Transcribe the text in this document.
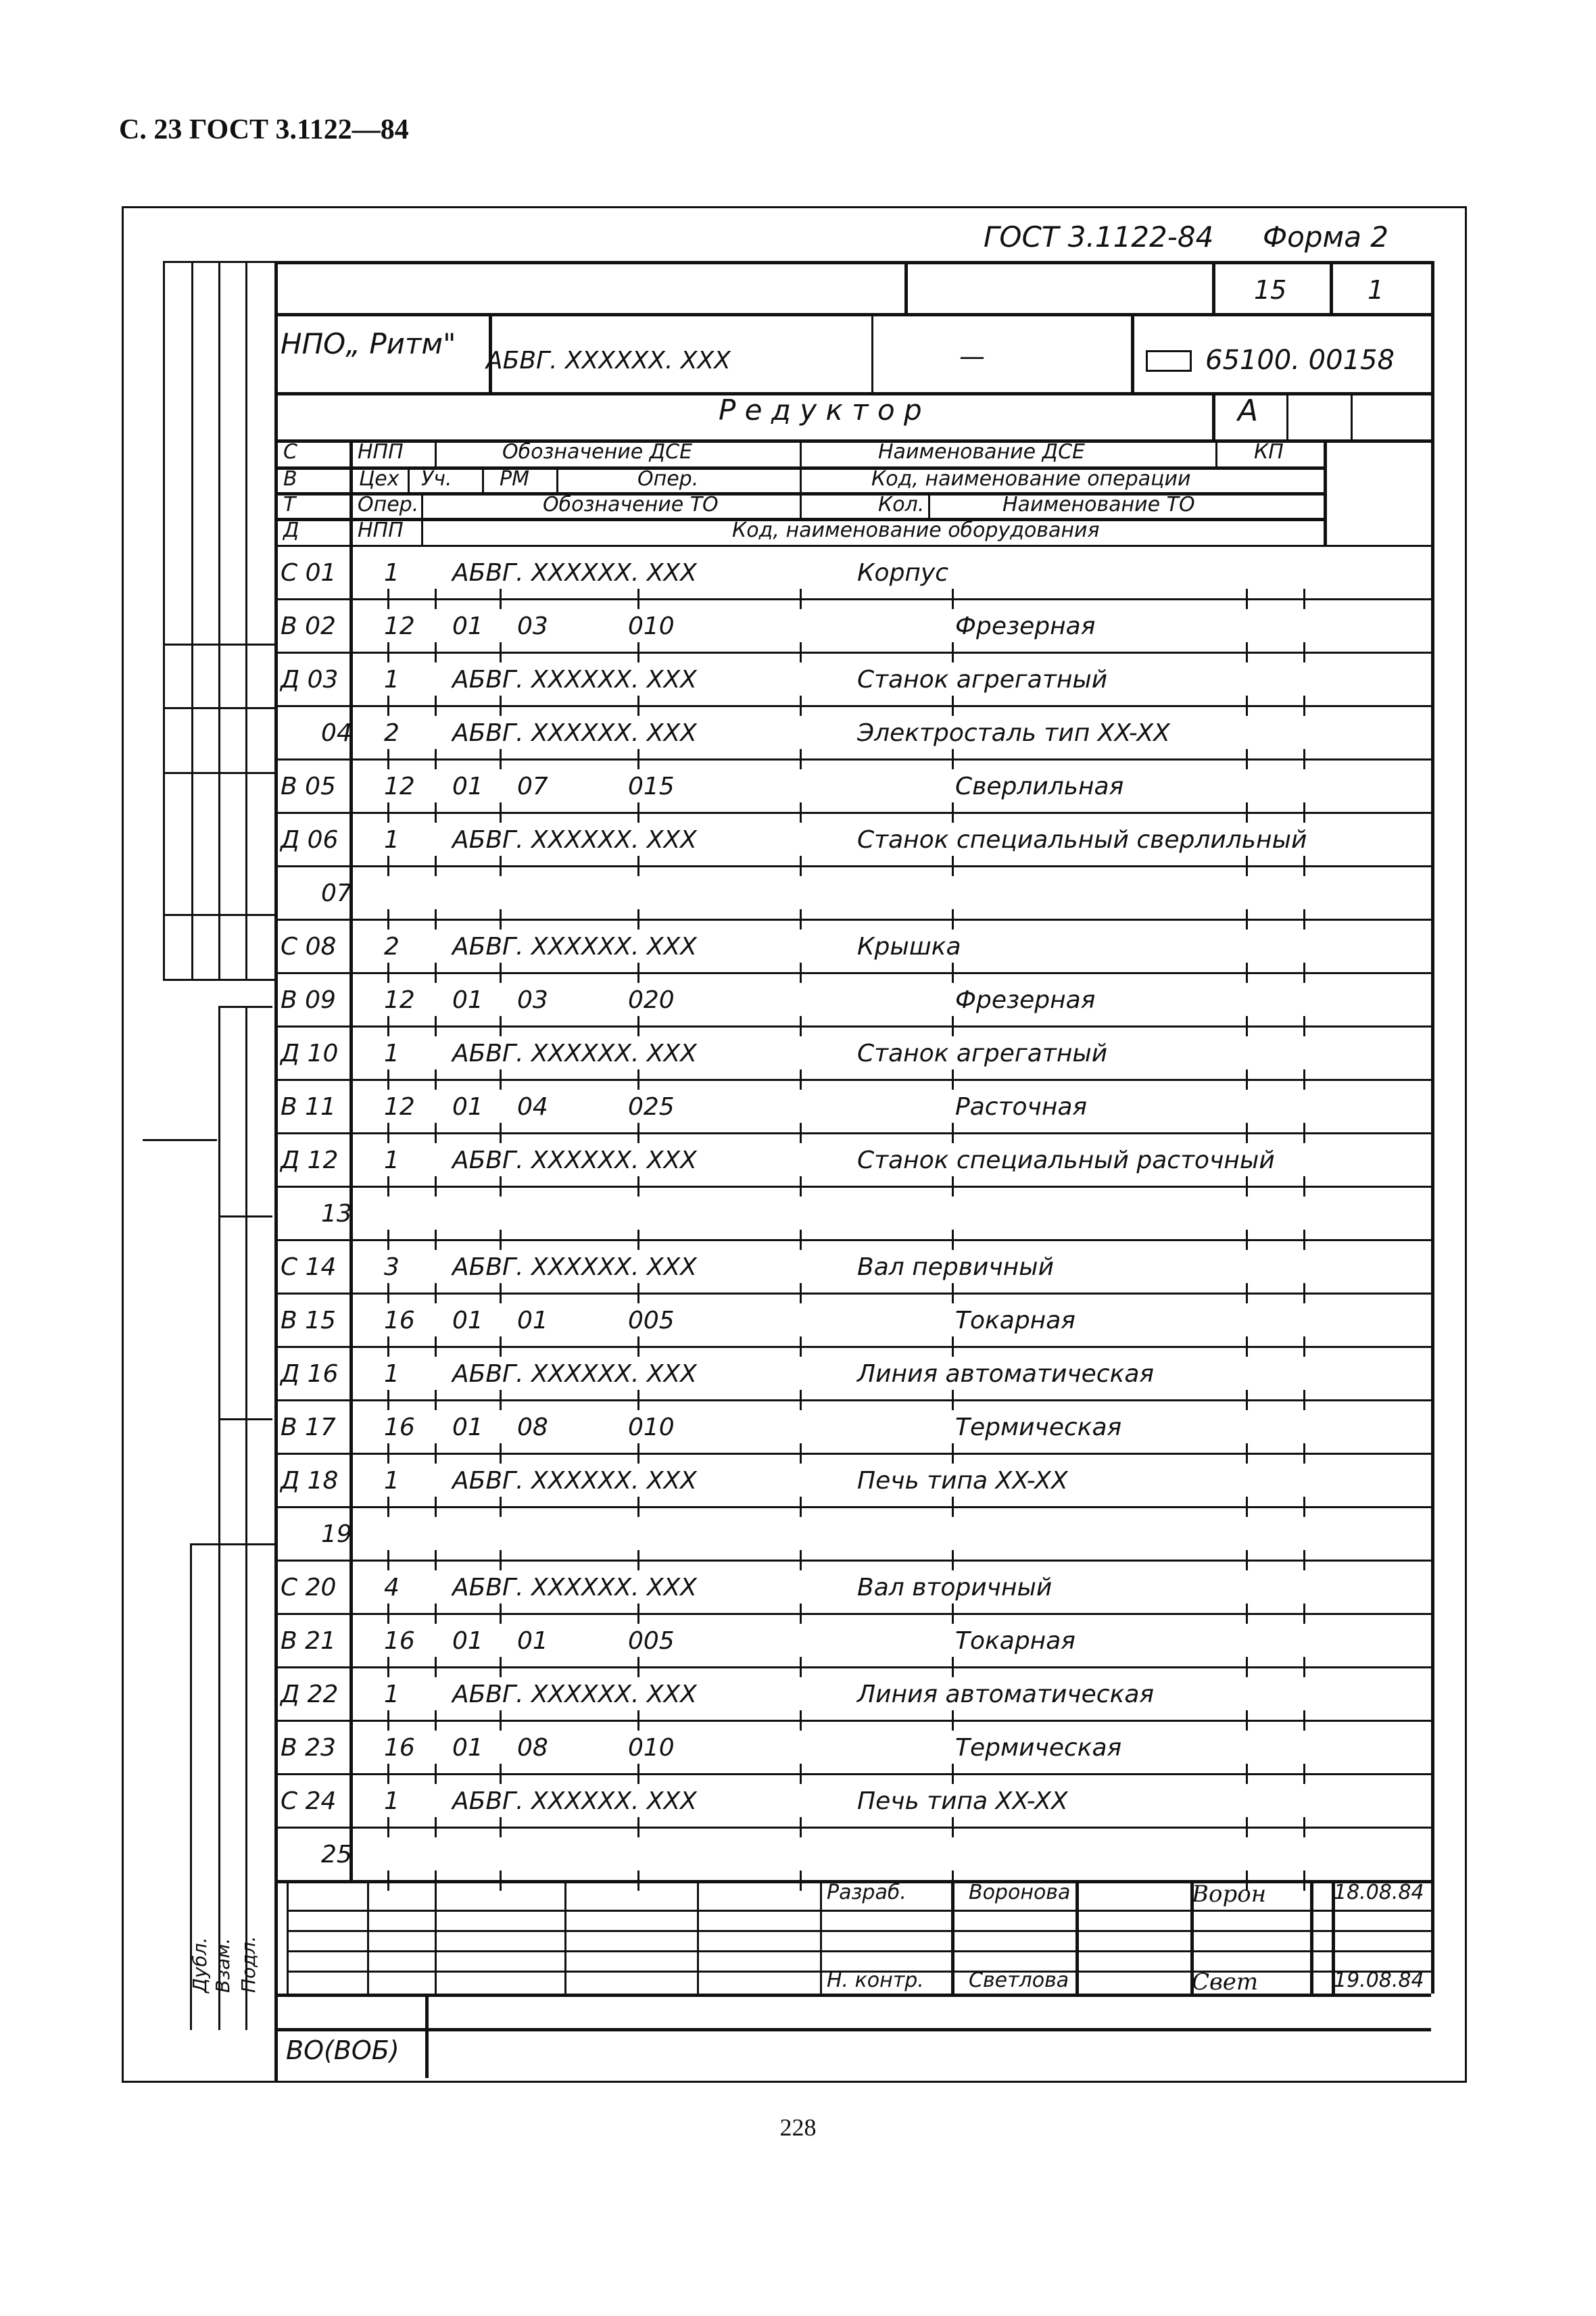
С. 23 ГОСТ 3.1122—84
ГОСТ 3.1122-84 Форма 2
15	1
НПО„ Ритм"
АБВГ. XXXXXX. XXX	—	65100. 00158
Р е д у к т о р	А
С	НПП	Обозначение ДСЕ	Наименование ДСЕ	КП
В	Цех Уч. РМ	Опер.	Код, наименование операции
Т	Опер.	Обозначение ТО	Кол.	Наименование ТО
Д	НПП	Код, наименование оборудования
С 01 1 АБВГ. XXXXXX. XXX	Корпус
В 02 12 01 03	010	Фрезерная
Д 03 1 АБВГ. XXXXXX. XXX	Станок агрегатный
04 2 АБВГ. XXXXXX. XXX	Электросталь тип XX-XX
В 05 12 01 07	015	Сверлильная
Д 06 1 АБВГ. XXXXXX. XXX	Станок специальный сверлильный
07
С 08 2 АБВГ. XXXXXX. XXX	Крышка
В 09 12 01 03	020	Фрезерная
Д 10 1 АБВГ. XXXXXX. XXX	Станок агрегатный
В 11 12 01 04	025	Расточная
Д 12 1 АБВГ. XXXXXX. XXX	Станок специальный расточный
13
С 14 3 АБВГ. XXXXXX. XXX	Вал первичный
В 15 16 01 01	005	Токарная
Д 16 1 АБВГ. XXXXXX. XXX	Линия автоматическая
В 17 16 01 08	010	Термическая
Д 18 1 АБВГ. XXXXXX. XXX	Печь типа XX-XX
19
С 20 4 АБВГ. XXXXXX. XXX	Вал вторичный
В 21 16 01 01	005	Токарная
Д 22 1 АБВГ. XXXXXX. XXX	Линия автоматическая
В 23 16 01 08	010	Термическая
С 24 1 АБВГ. XXXXXX. XXX	Печь типа XX-XX
25
Разраб.	Воронова	Ворон	18.08.84
Н. контр. Светлова	Свет	19.08.84
Дубл. Взам. Подл.
ВО(ВОБ)
228
